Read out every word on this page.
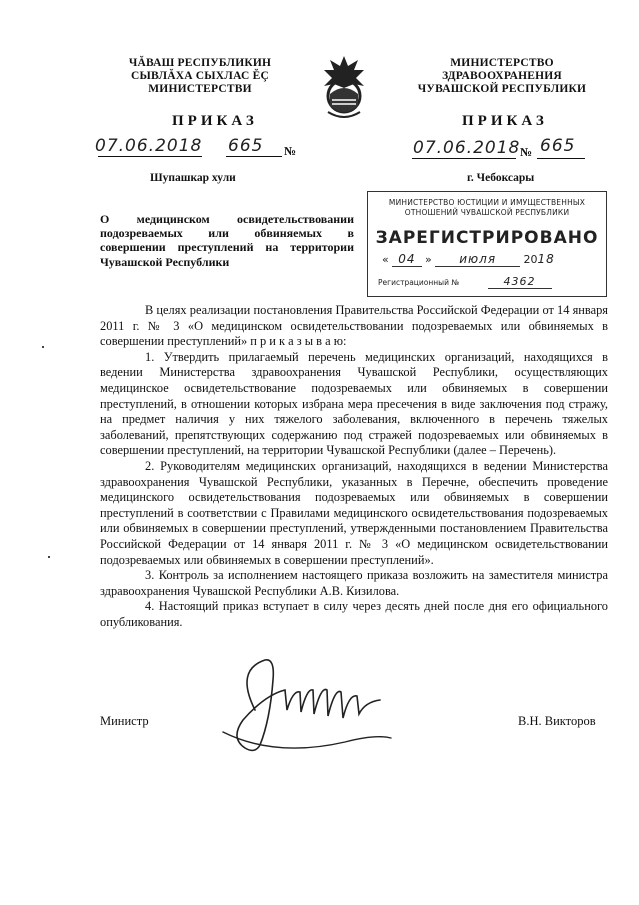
ЧĂВАШ РЕСПУБЛИКИН
СЫВЛĂХА СЫХЛАС ĔÇ
МИНИСТЕРСТВИ
МИНИСТЕРСТВО
ЗДРАВООХРАНЕНИЯ
ЧУВАШСКОЙ РЕСПУБЛИКИ
ПРИКАЗ	ПРИКАЗ
07.06.2018 665 №	07.06.2018 № 665
Шупашкар хули	г. Чебоксары
МИНИСТЕРСТВО ЮСТИЦИИ И ИМУЩЕСТВЕННЫХ
ОТНОШЕНИЙ ЧУВАШСКОЙ РЕСПУБЛИКИ
ЗАРЕГИСТРИРОВАНО
« 04 » июля	2018
Регистрационный №	4362
О медицинском освидетельствовании подозреваемых или обвиняемых в совершении преступлений на территории Чувашской Республики

В целях реализации постановления Правительства Российской Федерации от 14 января 2011 г. № 3 «О медицинском освидетельствовании подозреваемых или обвиняемых в совершении преступлений» п р и к а з ы в а ю:

1. Утвердить прилагаемый перечень медицинских организаций, находящихся в ведении Министерства здравоохранения Чувашской Республики, осуществляющих медицинское освидетельствование подозреваемых или обвиняемых в совершении преступлений, в отношении которых избрана мера пресечения в виде заключения под стражу, на предмет наличия у них тяжелого заболевания, включенного в перечень тяжелых заболеваний, препятствующих содержанию под стражей подозреваемых или обвиняемых в совершении преступлений, на территории Чувашской Республики (далее – Перечень).

2. Руководителям медицинских организаций, находящихся в ведении Министерства здравоохранения Чувашской Республики, указанных в Перечне, обеспечить проведение медицинского освидетельствования подозреваемых или обвиняемых в совершении преступлений в соответствии с Правилами медицинского освидетельствования подозреваемых или обвиняемых в совершении преступлений, утвержденными постановлением Правительства Российской Федерации от 14 января 2011 г. № 3 «О медицинском освидетельствовании подозреваемых или обвиняемых в совершении преступлений».

3. Контроль за исполнением настоящего приказа возложить на заместителя министра здравоохранения Чувашской Республики А.В. Кизилова.

4. Настоящий приказ вступает в силу через десять дней после дня его официального опубликования.

Министр	В.Н. Викторов
